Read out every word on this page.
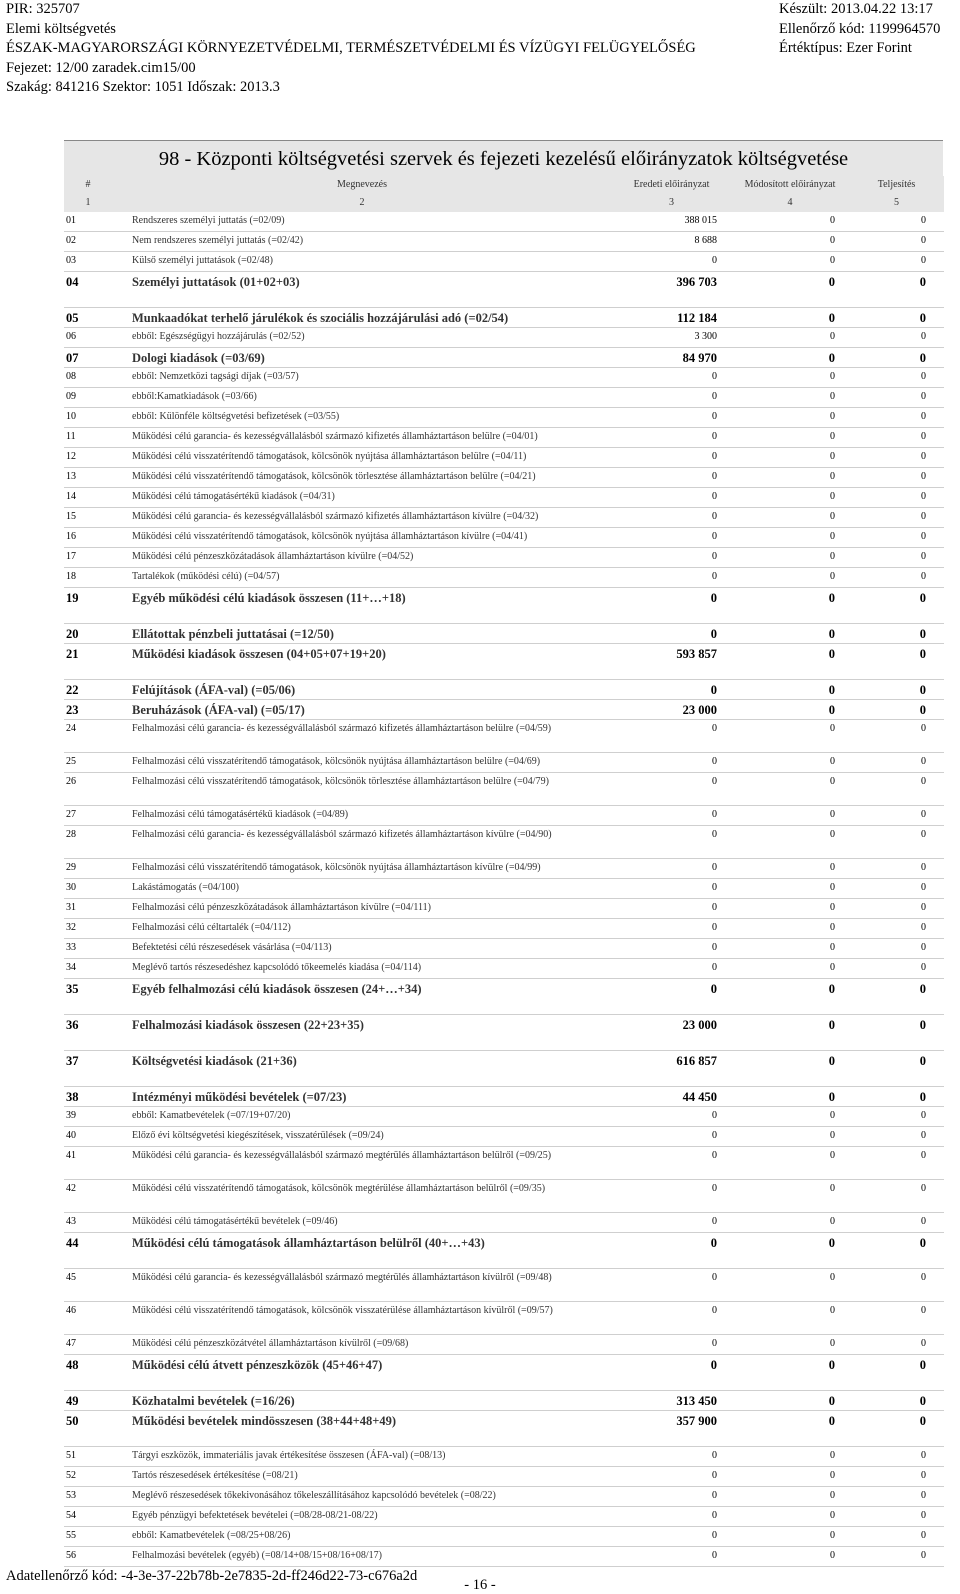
PIR: 325707	Készült: 2013.04.22 13:17
Elemi költségvetés	Ellenőrző kód: 1199964570
ÉSZAK-MAGYARORSZÁGI KÖRNYEZETVÉDELMI, TERMÉSZETVÉDELMI ÉS VÍZÜGYI FELÜGYELŐSÉG	Értéktípus: Ezer Forint
Fejezet: 12/00 zaradek.cim15/00
Szakág: 841216 Szektor: 1051 Időszak: 2013.3
98 - Központi költségvetési szervek és fejezeti kezelésű előirányzatok költségvetése
#	Megnevezés	Eredeti előirányzat	Módosított előirányzat	Teljesítés
1	2	3	4	5
01	Rendszeres személyi juttatás (=02/09)	388 015	0	0
02	Nem rendszeres személyi juttatás (=02/42)	8 688	0	0
03	Külső személyi juttatások (=02/48)	0	0	0
04	Személyi juttatások (01+02+03)	396 703	0	0
05	Munkaadókat terhelő járulékok és szociális hozzájárulási adó (=02/54)	112 184	0	0
06	ebből: Egészségügyi hozzájárulás (=02/52)	3 300	0	0
07	Dologi kiadások (=03/69)	84 970	0	0
08	ebből: Nemzetközi tagsági díjak (=03/57)	0	0	0
09	ebből:Kamatkiadások (=03/66)	0	0	0
10	ebből: Különféle költségvetési befizetések (=03/55)	0	0	0
11	Működési célú garancia- és kezességvállalásból származó kifizetés államháztartáson belülre (=04/01)	0	0	0
12	Működési célú visszatérítendő támogatások, kölcsönök nyújtása államháztartáson belülre (=04/11)	0	0	0
13	Működési célú visszatérítendő támogatások, kölcsönök törlesztése államháztartáson belülre (=04/21)	0	0	0
14	Működési célú támogatásértékű kiadások (=04/31)	0	0	0
15	Működési célú garancia- és kezességvállalásból származó kifizetés államháztartáson kívülre (=04/32)	0	0	0
16	Működési célú visszatérítendő támogatások, kölcsönök nyújtása államháztartáson kívülre (=04/41)	0	0	0
17	Működési célú pénzeszközátadások államháztartáson kívülre (=04/52)	0	0	0
18	Tartalékok (működési célú) (=04/57)	0	0	0
19	Egyéb működési célú kiadások összesen (11+…+18)	0	0	0
20	Ellátottak pénzbeli juttatásai (=12/50)	0	0	0
21	Működési kiadások összesen (04+05+07+19+20)	593 857	0	0
22	Felújítások (ÁFA-val) (=05/06)	0	0	0
23	Beruházások (ÁFA-val) (=05/17)	23 000	0	0
24	Felhalmozási célú garancia- és kezességvállalásból származó kifizetés államháztartáson belülre (=04/59)	0	0	0
25	Felhalmozási célú visszatérítendő támogatások, kölcsönök nyújtása államháztartáson belülre (=04/69)	0	0	0
26	Felhalmozási célú visszatérítendő támogatások, kölcsönök törlesztése államháztartáson belülre (=04/79)	0	0	0
27	Felhalmozási célú támogatásértékű kiadások (=04/89)	0	0	0
28	Felhalmozási célú garancia- és kezességvállalásból származó kifizetés államháztartáson kívülre (=04/90)	0	0	0
29	Felhalmozási célú visszatérítendő támogatások, kölcsönök nyújtása államháztartáson kívülre (=04/99)	0	0	0
30	Lakástámogatás (=04/100)	0	0	0
31	Felhalmozási célú pénzeszközátadások államháztartáson kívülre (=04/111)	0	0	0
32	Felhalmozási célú céltartalék (=04/112)	0	0	0
33	Befektetési célú részesedések vásárlása (=04/113)	0	0	0
34	Meglévő tartós részesedéshez kapcsolódó tőkeemelés kiadása (=04/114)	0	0	0
35	Egyéb felhalmozási célú kiadások összesen (24+…+34)	0	0	0
36	Felhalmozási kiadások összesen (22+23+35)	23 000	0	0
37	Költségvetési kiadások (21+36)	616 857	0	0
38	Intézményi működési bevételek (=07/23)	44 450	0	0
39	ebből: Kamatbevételek (=07/19+07/20)	0	0	0
40	Előző évi költségvetési kiegészítések, visszatérülések (=09/24)	0	0	0
41	Működési célú garancia- és kezességvállalásból származó megtérülés államháztartáson belülről (=09/25)	0	0	0
42	Működési célú visszatérítendő támogatások, kölcsönök megtérülése államháztartáson belülről (=09/35)	0	0	0
43	Működési célú támogatásértékű bevételek (=09/46)	0	0	0
44	Működési célú támogatások államháztartáson belülről (40+…+43)	0	0	0
45	Működési célú garancia- és kezességvállalásból származó megtérülés államháztartáson kívülről (=09/48)	0	0	0
46	Működési célú visszatérítendő támogatások, kölcsönök visszatérülése államháztartáson kívülről (=09/57)	0	0	0
47	Működési célú pénzeszközátvétel államháztartáson kívülről (=09/68)	0	0	0
48	Működési célú átvett pénzeszközök (45+46+47)	0	0	0
49	Közhatalmi bevételek (=16/26)	313 450	0	0
50	Működési bevételek mindösszesen (38+44+48+49)	357 900	0	0
51	Tárgyi eszközök, immateriális javak értékesítése összesen (ÁFA-val) (=08/13)	0	0	0
52	Tartós részesedések értékesítése (=08/21)	0	0	0
53	Meglévő részesedések tőkekivonásához tőkeleszállításához kapcsolódó bevételek (=08/22)	0	0	0
54	Egyéb pénzügyi befektetések bevételei (=08/28-08/21-08/22)	0	0	0
55	ebből: Kamatbevételek (=08/25+08/26)	0	0	0
56	Felhalmozási bevételek (egyéb) (=08/14+08/15+08/16+08/17)	0	0	0
Adatellenőrző kód: -4-3e-37-22b78b-2e7835-2d-ff246d22-73-c676a2d
- 16 -
